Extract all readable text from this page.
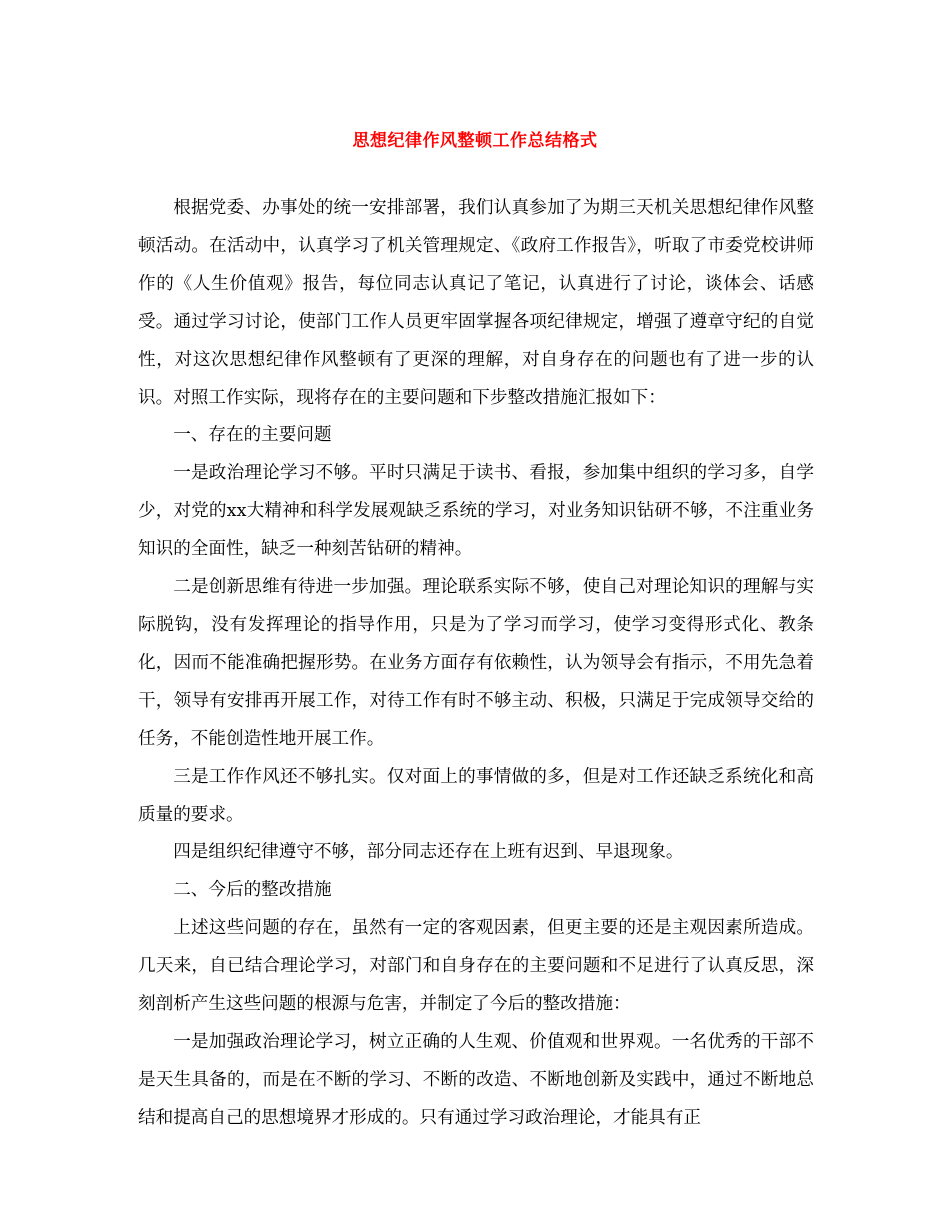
思想纪律作风整顿工作总结格式

根据党委、办事处的统一安排部署，我们认真参加了为期三天机关思想纪律作风整顿活动。在活动中，认真学习了机关管理规定、《政府工作报告》，听取了市委党校讲师作的《人生价值观》报告，每位同志认真记了笔记，认真进行了讨论，谈体会、话感受。通过学习讨论，使部门工作人员更牢固掌握各项纪律规定，增强了遵章守纪的自觉性，对这次思想纪律作风整顿有了更深的理解，对自身存在的问题也有了进一步的认识。对照工作实际，现将存在的主要问题和下步整改措施汇报如下：

一、存在的主要问题

一是政治理论学习不够。平时只满足于读书、看报，参加集中组织的学习多，自学少，对党的xx大精神和科学发展观缺乏系统的学习，对业务知识钻研不够，不注重业务知识的全面性，缺乏一种刻苦钻研的精神。

二是创新思维有待进一步加强。理论联系实际不够，使自己对理论知识的理解与实际脱钩，没有发挥理论的指导作用，只是为了学习而学习，使学习变得形式化、教条化，因而不能准确把握形势。在业务方面存有依赖性，认为领导会有指示，不用先急着干，领导有安排再开展工作，对待工作有时不够主动、积极，只满足于完成领导交给的任务，不能创造性地开展工作。

三是工作作风还不够扎实。仅对面上的事情做的多，但是对工作还缺乏系统化和高质量的要求。

四是组织纪律遵守不够，部分同志还存在上班有迟到、早退现象。

二、今后的整改措施

上述这些问题的存在，虽然有一定的客观因素，但更主要的还是主观因素所造成。几天来，自已结合理论学习，对部门和自身存在的主要问题和不足进行了认真反思，深刻剖析产生这些问题的根源与危害，并制定了今后的整改措施：

一是加强政治理论学习，树立正确的人生观、价值观和世界观。一名优秀的干部不是天生具备的，而是在不断的学习、不断的改造、不断地创新及实践中，通过不断地总结和提高自己的思想境界才形成的。只有通过学习政治理论，才能具有正
